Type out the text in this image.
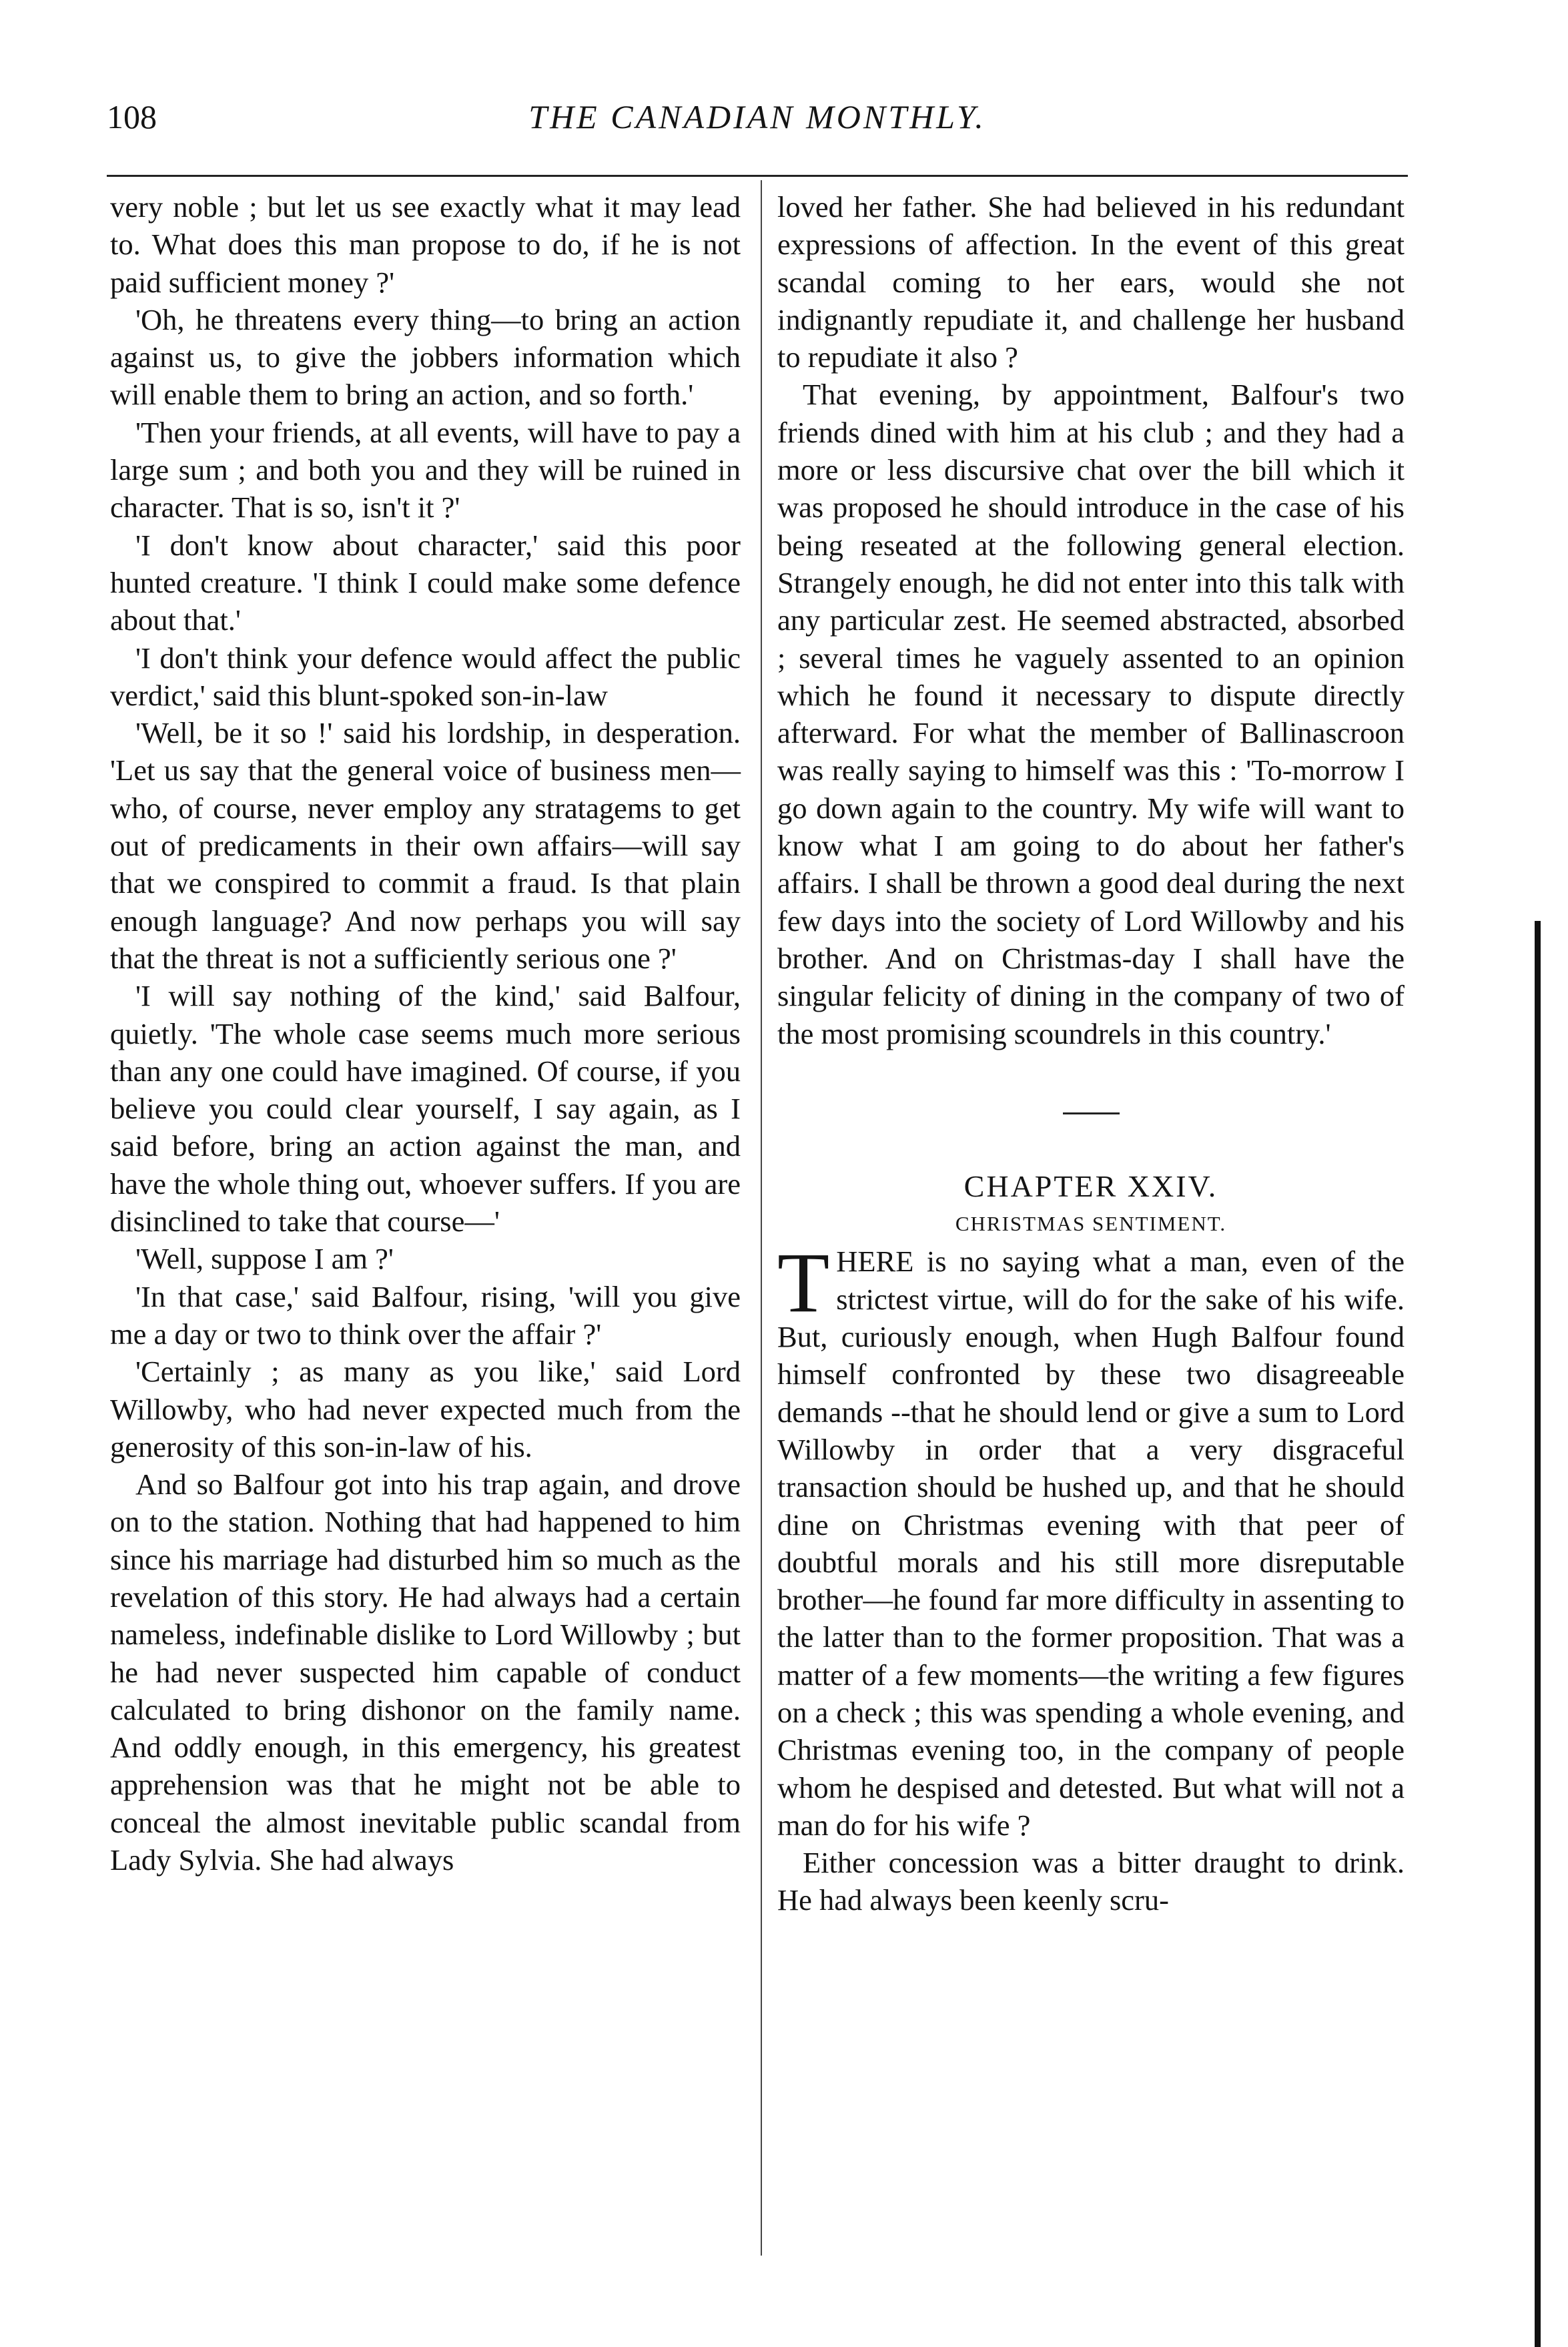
108	THE CANADIAN MONTHLY.

very noble ; but let us see exactly what it may lead to. What does this man propose to do, if he is not paid sufficient money ?'

'Oh, he threatens every thing—to bring an action against us, to give the jobbers information which will enable them to bring an action, and so forth.'

'Then your friends, at all events, will have to pay a large sum ; and both you and they will be ruined in character. That is so, isn't it ?'

'I don't know about character,' said this poor hunted creature. 'I think I could make some defence about that.'

'I don't think your defence would affect the public verdict,' said this blunt-spoked son-in-law

'Well, be it so !' said his lordship, in desperation. 'Let us say that the general voice of business men—who, of course, never employ any stratagems to get out of predicaments in their own affairs—will say that we conspired to commit a fraud. Is that plain enough language? And now perhaps you will say that the threat is not a sufficiently serious one ?'

'I will say nothing of the kind,' said Balfour, quietly. 'The whole case seems much more serious than any one could have imagined. Of course, if you believe you could clear yourself, I say again, as I said before, bring an action against the man, and have the whole thing out, whoever suffers. If you are disinclined to take that course—'

'Well, suppose I am ?'

'In that case,' said Balfour, rising, 'will you give me a day or two to think over the affair ?'

'Certainly ; as many as you like,' said Lord Willowby, who had never expected much from the generosity of this son-in-law of his.

And so Balfour got into his trap again, and drove on to the station. Nothing that had happened to him since his marriage had disturbed him so much as the revelation of this story. He had always had a certain nameless, indefinable dislike to Lord Willowby ; but he had never suspected him capable of conduct calculated to bring dishonor on the family name. And oddly enough, in this emergency, his greatest apprehension was that he might not be able to conceal the almost inevitable public scandal from Lady Sylvia. She had always

loved her father. She had believed in his redundant expressions of affection. In the event of this great scandal coming to her ears, would she not indignantly repudiate it, and challenge her husband to repudiate it also ?

That evening, by appointment, Balfour's two friends dined with him at his club ; and they had a more or less discursive chat over the bill which it was proposed he should introduce in the case of his being reseated at the following general election. Strangely enough, he did not enter into this talk with any particular zest. He seemed abstracted, absorbed ; several times he vaguely assented to an opinion which he found it necessary to dispute directly afterward. For what the member of Ballinascroon was really saying to himself was this : 'To-morrow I go down again to the country. My wife will want to know what I am going to do about her father's affairs. I shall be thrown a good deal during the next few days into the society of Lord Willowby and his brother. And on Christmas-day I shall have the singular felicity of dining in the company of two of the most promising scoundrels in this country.'

CHAPTER XXIV.

CHRISTMAS SENTIMENT.

THERE is no saying what a man, even of the strictest virtue, will do for the sake of his wife. But, curiously enough, when Hugh Balfour found himself confronted by these two disagreeable demands --that he should lend or give a sum to Lord Willowby in order that a very disgraceful transaction should be hushed up, and that he should dine on Christmas evening with that peer of doubtful morals and his still more disreputable brother—he found far more difficulty in assenting to the latter than to the former proposition. That was a matter of a few moments—the writing a few figures on a check ; this was spending a whole evening, and Christmas evening too, in the company of people whom he despised and detested. But what will not a man do for his wife ?

Either concession was a bitter draught to drink. He had always been keenly scru-
